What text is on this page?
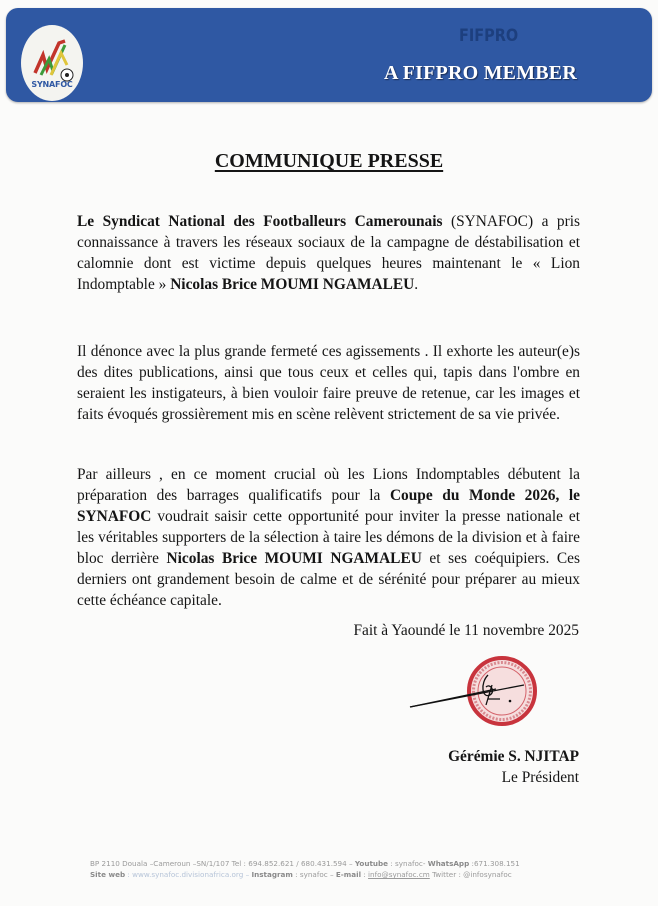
SYNAFOC
FIFPRO
A FIFPRO MEMBER
COMMUNIQUE PRESSE
Le Syndicat National des Footballeurs Camerounais (SYNAFOC) a pris connaissance à travers les réseaux sociaux de la campagne de déstabilisation et calomnie dont est victime depuis quelques heures maintenant le « Lion Indomptable » Nicolas Brice MOUMI NGAMALEU.
Il dénonce avec la plus grande fermeté ces agissements . Il exhorte les auteur(e)s des dites publications, ainsi que tous ceux et celles qui, tapis dans l'ombre en seraient les instigateurs, à bien vouloir faire preuve de retenue, car les images et faits évoqués grossièrement mis en scène relèvent strictement de sa vie privée.
Par ailleurs , en ce moment crucial où les Lions Indomptables débutent la préparation des barrages qualificatifs pour la Coupe du Monde 2026, le SYNAFOC voudrait saisir cette opportunité pour inviter la presse nationale et les véritables supporters de la sélection à taire les démons de la division et à faire bloc derrière Nicolas Brice MOUMI NGAMALEU et ses coéquipiers. Ces derniers ont grandement besoin de calme et de sérénité pour préparer au mieux cette échéance capitale.
Fait à Yaoundé le 11 novembre 2025
Gérémie S. NJITAP
Le Président
BP 2110 Douala –Cameroun –SN/1/107 Tel : 694.852.621 / 680.431.594 – Youtube : synafoc- WhatsApp :671.308.151
Site web : www.synafoc.divisionafrica.org – Instagram : synafoc – E-mail : info@synafoc.cm Twitter : @infosynafoc
